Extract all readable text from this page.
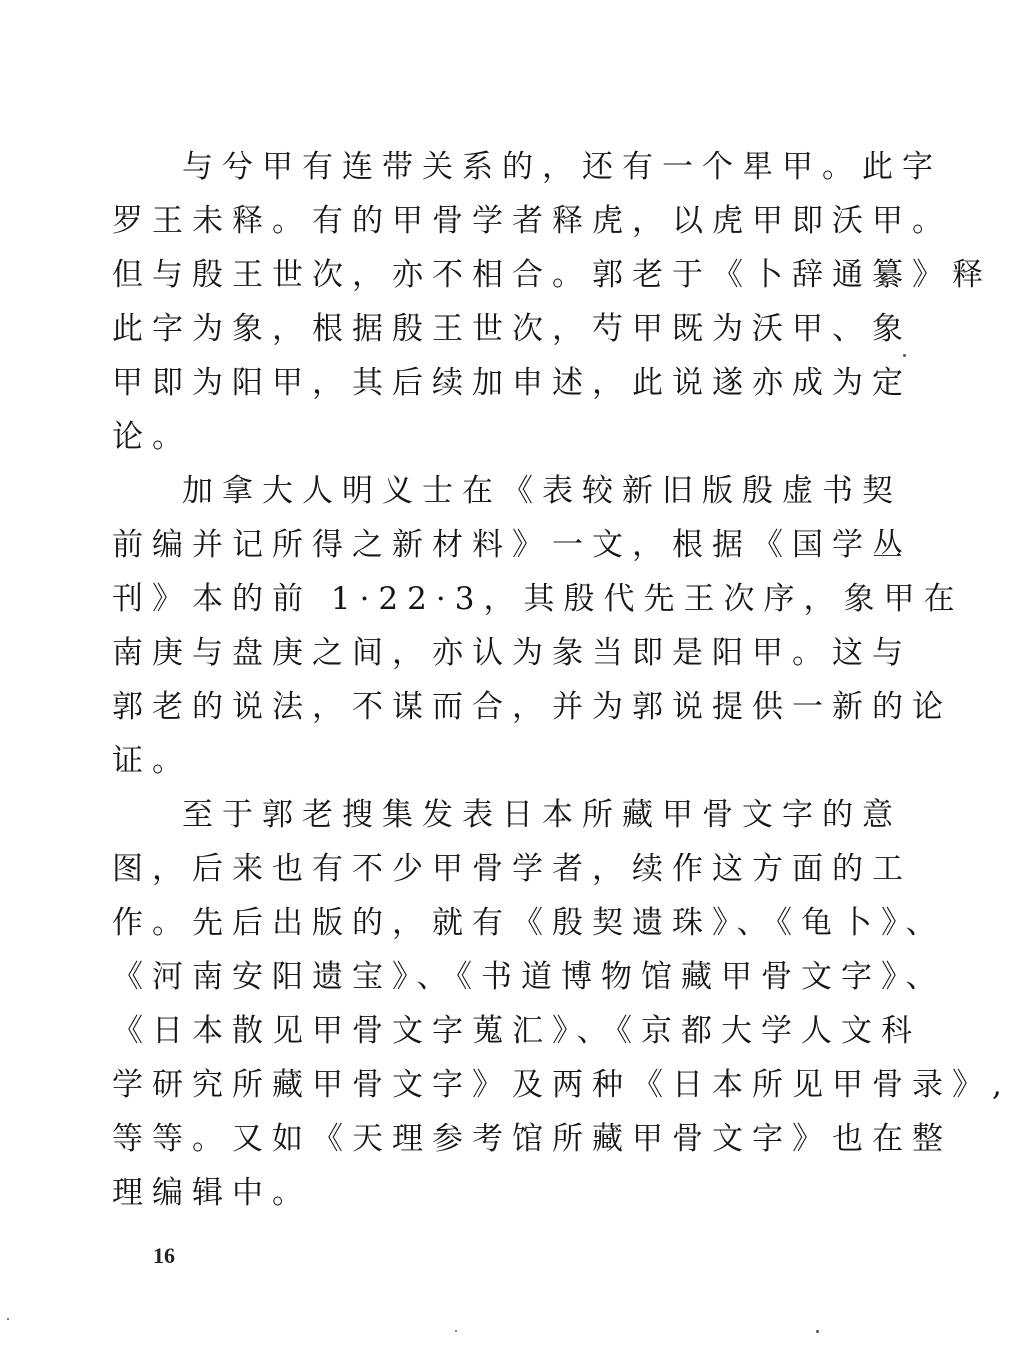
与兮甲有连带关系的，还有一个㽚甲。此字
罗王未释。有的甲骨学者释虎，以虎甲即沃甲。
但与殷王世次，亦不相合。郭老于《卜辞通纂》释
此字为象，根据殷王世次，芍甲既为沃甲、象
甲即为阳甲，其后续加申述，此说遂亦成为定
论。
加拿大人明义士在《表较新旧版殷虚书契
前编并记所得之新材料》一文，根据《国学丛
刊》本的前 1·22·3，其殷代先王次序，象甲在
南庚与盘庚之间，亦认为彖当即是阳甲。这与
郭老的说法，不谋而合，并为郭说提供一新的论
证。
至于郭老搜集发表日本所藏甲骨文字的意
图，后来也有不少甲骨学者，续作这方面的工
作。先后出版的，就有《殷契遗珠》、《龟卜》、
《河南安阳遗宝》、《书道博物馆藏甲骨文字》、
《日本散见甲骨文字蒐汇》、《京都大学人文科
学研究所藏甲骨文字》及两种《日本所见甲骨录》,
等等。又如《天理参考馆所藏甲骨文字》也在整
理编辑中。
16
